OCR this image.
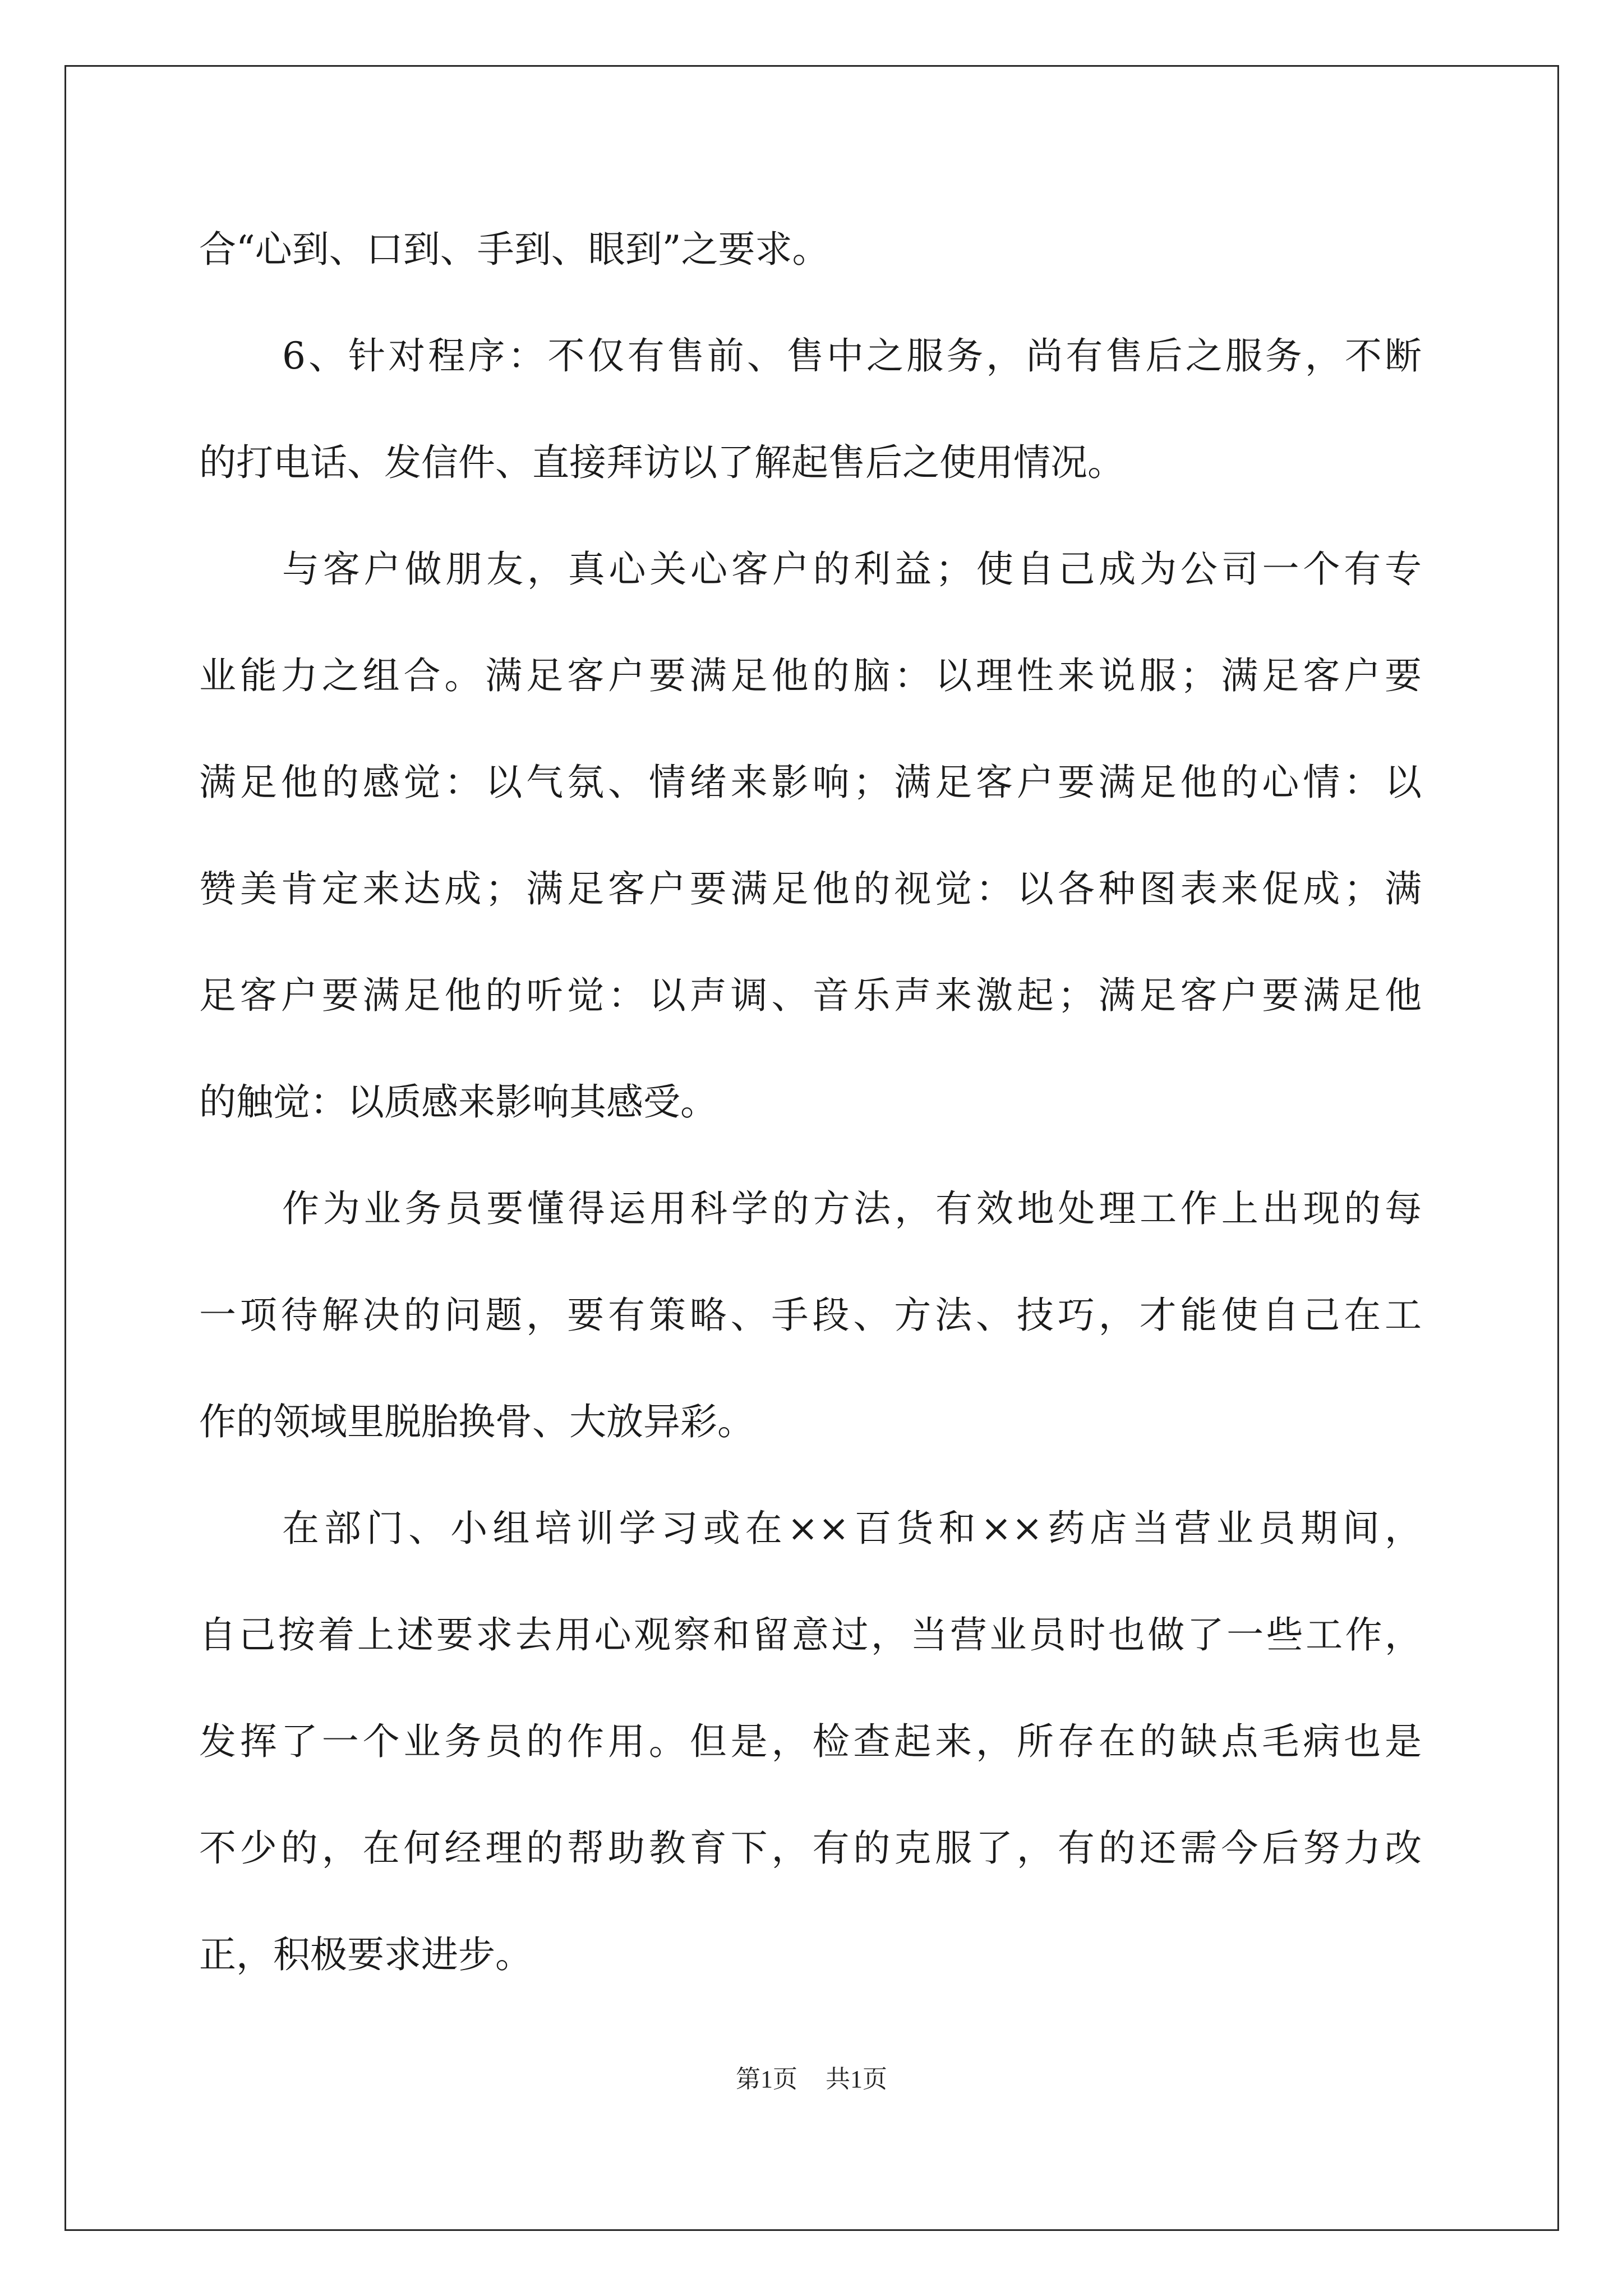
合“心到、口到、手到、眼到”之要求。
6、针对程序：不仅有售前、售中之服务，尚有售后之服务，不断
的打电话、发信件、直接拜访以了解起售后之使用情况。
与客户做朋友，真心关心客户的利益；使自己成为公司一个有专
业能力之组合。满足客户要满足他的脑：以理性来说服；满足客户要
满足他的感觉：以气氛、情绪来影响；满足客户要满足他的心情：以
赞美肯定来达成；满足客户要满足他的视觉：以各种图表来促成；满
足客户要满足他的听觉：以声调、音乐声来激起；满足客户要满足他
的触觉：以质感来影响其感受。
作为业务员要懂得运用科学的方法，有效地处理工作上出现的每
一项待解决的问题，要有策略、手段、方法、技巧，才能使自己在工
作的领域里脱胎换骨、大放异彩。
在部门、小组培训学习或在××百货和××药店当营业员期间，
自己按着上述要求去用心观察和留意过，当营业员时也做了一些工作，
发挥了一个业务员的作用。但是，检查起来，所存在的缺点毛病也是
不少的，在何经理的帮助教育下，有的克服了，有的还需今后努力改
正，积极要求进步。
第1页 共1页
